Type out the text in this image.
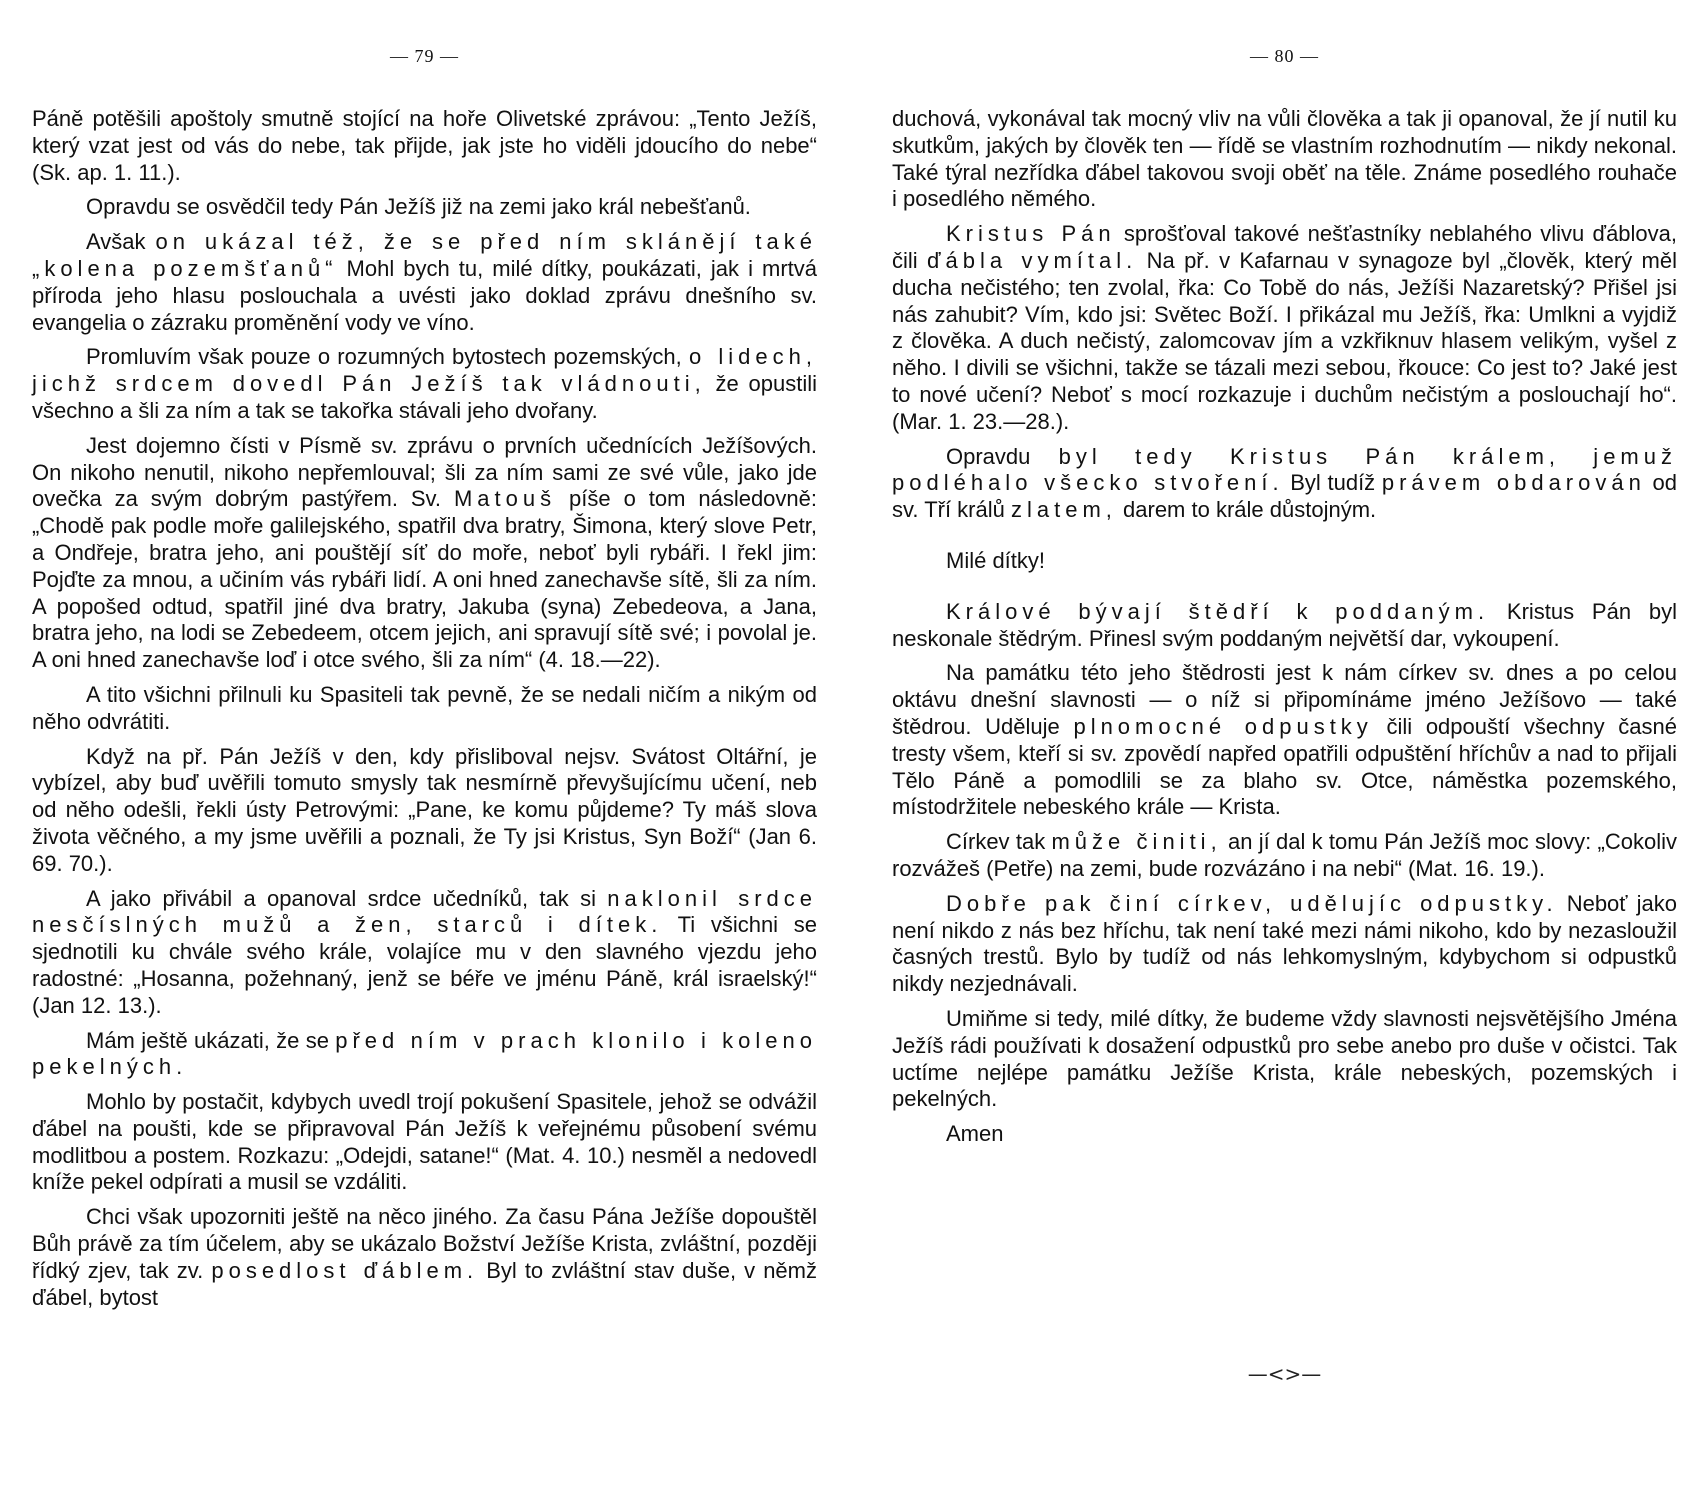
— 79 —

Páně potěšili apoštoly smutně stojící na hoře Olivetské zprávou: „Tento Ježíš, který vzat jest od vás do nebe, tak přijde, jak jste ho viděli jdoucího do nebe“ (Sk. ap. 1. 11.).

Opravdu se osvědčil tedy Pán Ježíš již na zemi jako král nebešťanů.

Avšak on ukázal též, že se před ním sklánějí také „kolena pozemšťanů“ Mohl bych tu, milé dítky, poukázati, jak i mrtvá příroda jeho hlasu poslouchala a uvésti jako doklad zprávu dnešního sv. evangelia o zázraku proměnění vody ve víno.

Promluvím však pouze o rozumných bytostech pozemských, o lidech, jichž srdcem dovedl Pán Ježíš tak vládnouti, že opustili všechno a šli za ním a tak se takořka stávali jeho dvořany.

Jest dojemno čísti v Písmě sv. zprávu o prvních učednících Ježíšových. On nikoho nenutil, nikoho nepřemlouval; šli za ním sami ze své vůle, jako jde ovečka za svým dobrým pastýřem. Sv. Matouš píše o tom následovně: „Chodě pak podle moře galilejského, spatřil dva bratry, Šimona, který slove Petr, a Ondřeje, bratra jeho, ani pouštějí síť do moře, neboť byli rybáři. I řekl jim: Pojďte za mnou, a učiním vás rybáři lidí. A oni hned zanechavše sítě, šli za ním. A popošed odtud, spatřil jiné dva bratry, Jakuba (syna) Zebedeova, a Jana, bratra jeho, na lodi se Zebedeem, otcem jejich, ani spravují sítě své; i povolal je. A oni hned zanechavše loď i otce svého, šli za ním“ (4. 18.—22).

A tito všichni přilnuli ku Spasiteli tak pevně, že se nedali ničím a nikým od něho odvrátiti.

Když na př. Pán Ježíš v den, kdy přisliboval nejsv. Svátost Oltářní, je vybízel, aby buď uvěřili tomuto smysly tak nesmírně převyšujícímu učení, neb od něho odešli, řekli ústy Petrovými: „Pane, ke komu půjdeme? Ty máš slova života věčného, a my jsme uvěřili a poznali, že Ty jsi Kristus, Syn Boží“ (Jan 6. 69. 70.).

A jako přivábil a opanoval srdce učedníků, tak si naklonil srdce nesčíslných mužů a žen, starců i dítek. Ti všichni se sjednotili ku chvále svého krále, volajíce mu v den slavného vjezdu jeho radostné: „Hosanna, požehnaný, jenž se béře ve jménu Páně, král israelský!“ (Jan 12. 13.).

Mám ještě ukázati, že se před ním v prach klonilo i koleno pekelných.

Mohlo by postačit, kdybych uvedl trojí pokušení Spasitele, jehož se odvážil ďábel na poušti, kde se připravoval Pán Ježíš k veřejnému působení svému modlitbou a postem. Rozkazu: „Odejdi, satane!“ (Mat. 4. 10.) nesměl a nedovedl kníže pekel odpírati a musil se vzdáliti.

Chci však upozorniti ještě na něco jiného. Za času Pána Ježíše dopouštěl Bůh právě za tím účelem, aby se ukázalo Božství Ježíše Krista, zvláštní, později řídký zjev, tak zv. posedlost ďáblem. Byl to zvláštní stav duše, v němž ďábel, bytost

— 80 —

duchová, vykonával tak mocný vliv na vůli člověka a tak ji opanoval, že jí nutil ku skutkům, jakých by člověk ten — řídě se vlastním rozhodnutím — nikdy nekonal. Také týral nezřídka ďábel takovou svoji oběť na těle. Známe posedlého rouhače i posedlého němého.

Kristus Pán sprošťoval takové nešťastníky neblahého vlivu ďáblova, čili ďábla vymítal. Na př. v Kafarnau v synagoze byl „člověk, který měl ducha nečistého; ten zvolal, řka: Co Tobě do nás, Ježíši Nazaretský? Přišel jsi nás zahubit? Vím, kdo jsi: Světec Boží. I přikázal mu Ježíš, řka: Umlkni a vyjdiž z člověka. A duch nečistý, zalomcovav jím a vzkřiknuv hlasem velikým, vyšel z něho. I divili se všichni, takže se tázali mezi sebou, řkouce: Co jest to? Jaké jest to nové učení? Neboť s mocí rozkazuje i duchům nečistým a poslouchají ho“. (Mar. 1. 23.—28.).

Opravdu byl tedy Kristus Pán králem, jemuž podléhalo všecko stvoření. Byl tudíž právem obdarován od sv. Tří králů zlatem, darem to krále důstojným.

Milé dítky!

Králové bývají štědří k poddaným. Kristus Pán byl neskonale štědrým. Přinesl svým poddaným největší dar, vykoupení.

Na památku této jeho štědrosti jest k nám církev sv. dnes a po celou oktávu dnešní slavnosti — o níž si připomínáme jméno Ježíšovo — také štědrou. Uděluje plnomocné odpustky čili odpouští všechny časné tresty všem, kteří si sv. zpovědí napřed opatřili odpuštění hříchův a nad to přijali Tělo Páně a pomodlili se za blaho sv. Otce, náměstka pozemského, místodržitele nebeského krále — Krista.

Církev tak může činiti, an jí dal k tomu Pán Ježíš moc slovy: „Cokoliv rozvážeš (Petře) na zemi, bude rozvázáno i na nebi“ (Mat. 16. 19.).

Dobře pak činí církev, udělujíc odpustky. Neboť jako není nikdo z nás bez hříchu, tak není také mezi námi nikoho, kdo by nezasloužil časných trestů. Bylo by tudíž od nás lehkomyslným, kdybychom si odpustků nikdy nezjednávali.

Umiňme si tedy, milé dítky, že budeme vždy slavnosti nejsvětějšího Jména Ježíš rádi používati k dosažení odpustků pro sebe anebo pro duše v očistci. Tak uctíme nejlépe památku Ježíše Krista, krále nebeských, pozemských i pekelných.

Amen

—<>—
